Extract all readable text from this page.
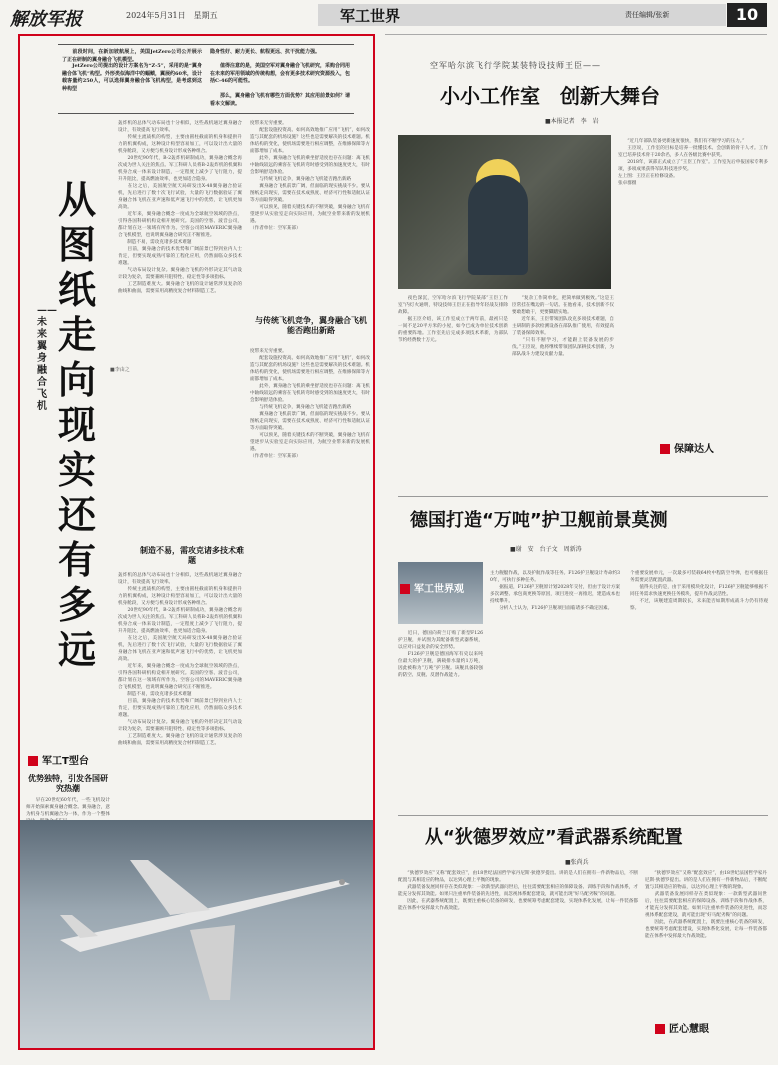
解放军报	2024年5月31日　星期五	军工世界	责任编辑/张新	10
　　前段时间，在新加坡航展上，美国JetZero公司公开展示了正在研制的翼身融合飞机模型。
　　JetZero公司提出的设计方案名为“Z-5”，采用的是“翼身融合体飞机”构型。外形类似海洋中的蝠鲼，翼展约60米，设计载客量约250人，可以选择翼身融合体飞机构型，是考虑到这种构型
隐身性好、耐力更长、航程更远、抗干扰能力强。
　　值得注意的是，美国空军对翼身融合飞机研究，采购合同用在未来的军用领域的传统构想，会有更多技术研究资源投入，包括C-46的可能性。
　　那么，翼身融合飞机有哪些方面优势？其应用前景如何？请看本文解读。
从图纸走向现实还有多远
——未来翼身融合飞机
■李由之
军工T型台
优势独特，引发各国研究热潮
　　早在20世纪60年代，一些飞机设计师开始探索翼身融合概念。翼身融合，意为机身与机翼融合为一体，作为一个整体

轰炸机的总体气动布局也十分相似，这些战机通过翼身融合设计，有效提高飞行效率。
　　传统主流战机的构型，主要由圆柱截面的机身和提供升力的机翼构成，这种设计构型容易加工，可以设计出大量的机身舱段，又方便与机身设计形成各种组合。
　　20世纪90年代，B-2轰炸机研制成功，翼身融合概念再次成为世人关注的焦点。军工科研人员将B-2轰炸机的机翼和机身合成一体来设计制造，一定程度上减少了飞行阻力，提升升阻比，提高燃油效率，也更加适合隐身。
　　在这之后，美国航空航天局研发出X-48翼身融合验证机，先后进行了数十次飞行试验，大量的飞行数据验证了翼身融合体飞机在亚声速和低声速飞行中的优势，让飞机更加高效。
　　近年来，翼身融合概念一度成为全球航空领域的热点，引得各国科研机构竞相开展研究。美国的空客、波音公司，都计划在这一领域有所作为。空客公司的MAVERIC翼身融合飞机模型，也说明翼身融合研究正不断推进。
　　制造不易，需攻克诸多技术难题
　　目前，翼身融合的技术优势和广阔前景已得到业内人士肯定，但要实现成熟可靠的工程化应用，仍然面临众多技术难题。
　　气动布局设计复杂。翼身融合飞机的外形决定其气动设计较为复杂，需要兼顾升阻特性、稳定性等多项指标。
　　工艺制造难度大。翼身融合飞机的设计通常涉及复杂的曲线和曲面，需要采用高精度复合材料制造工艺。
制造不易，需攻克诸多技术难题
轰炸机的总体气动布局也十分相似，这些战机通过翼身融合设计，有效提高飞行效率。
　　传统主流战机的构型，主要由圆柱截面的机身和提供升力的机翼构成，这种设计构型容易加工，可以设计出大量的机身舱段，又方便与机身设计形成各种组合。
　　20世纪90年代，B-2轰炸机研制成功，翼身融合概念再次成为世人关注的焦点。军工科研人员将B-2轰炸机的机翼和机身合成一体来设计制造，一定程度上减少了飞行阻力，提升升阻比，提高燃油效率，也更加适合隐身。
　　在这之后，美国航空航天局研发出X-48翼身融合验证机，先后进行了数十次飞行试验，大量的飞行数据验证了翼身融合体飞机在亚声速和低声速飞行中的优势，让飞机更加高效。
　　近年来，翼身融合概念一度成为全球航空领域的热点，引得各国科研机构竞相开展研究。美国的空客、波音公司，都计划在这一领域有所作为。空客公司的MAVERIC翼身融合飞机模型，也说明翼身融合研究正不断推进。
　　制造不易，需攻克诸多技术难题
　　目前，翼身融合的技术优势和广阔前景已得到业内人士肯定，但要实现成熟可靠的工程化应用，仍然面临众多技术难题。
　　气动布局设计复杂。翼身融合飞机的外形决定其气动设计较为复杂，需要兼顾升阻特性、稳定性等多项指标。
　　工艺制造难度大。翼身融合飞机的设计通常涉及复杂的曲线和曲面，需要采用高精度复合材料制造工艺。
度带来无穷重要。
　　配套设施投资高。如何高效地推广应用“飞机”，如何改造与其配套的机场设施？这些也是需要解决的技术难题。机体结构的变化，使机场需要进行相应调整，在维修保障等方面都增加了成本。
　　此外，翼身融合飞机的乘坐舒适度也存在问题：离飞机中轴线较远的乘客在飞机转弯时感受到的加速度更大，有时会影响舒适体验。
　　与传统飞机竞争，翼身融合飞机能否跑出新路
　　翼身融合飞机前景广阔，但面临的现实挑战不少。要从图纸走向现实，需要在技术成熟度、经济可行性和适航认证等方面取得突破。
　　可以预见，随着关键技术的不断突破，翼身融合飞机有望逐步从实验室走向实际应用，为航空业带来新的发展机遇。
（作者单位：空军某部）
与传统飞机竞争，翼身融合飞机能否跑出新路
度带来无穷重要。
　　配套设施投资高。如何高效地推广应用“飞机”，如何改造与其配套的机场设施？这些也是需要解决的技术难题。机体结构的变化，使机场需要进行相应调整，在维修保障等方面都增加了成本。
　　此外，翼身融合飞机的乘坐舒适度也存在问题：离飞机中轴线较远的乘客在飞机转弯时感受到的加速度更大，有时会影响舒适体验。
　　与传统飞机竞争，翼身融合飞机能否跑出新路
　　翼身融合飞机前景广阔，但面临的现实挑战不少。要从图纸走向现实，需要在技术成熟度、经济可行性和适航认证等方面取得突破。
　　可以预见，随着关键技术的不断突破，翼身融合飞机有望逐步从实验室走向实际应用，为航空业带来新的发展机遇。
（作者单位：空军某部）
空军哈尔滨飞行学院某装特设技师王臣——
小小工作室　创新大舞台
■本报记者　李　岩
　　“近几年部队装备更新速度很快，我们有不断学习的压力。”
　　王臣说，工作室的目标是培养一批懂技术、会创新的骨干人才。工作室已培养技术骨干20余名，多人在各级比赛中获奖。
　　2018年，该部正式成立了“王臣工作室”。工作室先后申报国家专利多项，多项成果获得军队科技进步奖。
左上图：王臣正在检修设备。
张卓群摄
　　夜色深沉，空军哈尔滨飞行学院某部“王臣工作室”内灯火通明，特设技师王臣正在指导年轻战友排除故障。
　　据王臣介绍，该工作室成立于两年前，最初只是一间不足20平方米的小屋，如今已成为单位技术创新的重要阵地。工作室先后完成多项技术革新，为部队节约经费数十万元。
　　“复杂工作简单化，把简单做到极致。”这是王臣常挂在嘴边的一句话。在他看来，技术创新不仅要敢想敢干，更要脚踏实地。
　　近年来，王臣带领团队攻克多项技术难题，自主研制的多款检测设备在部队推广使用，有效提高了装备保障效率。
　　“只有不断学习，才能跟上装备发展的步伐。”王臣说，他将继续带领团队深耕技术创新，为部队战斗力建设贡献力量。
保障达人
德国打造“万吨”护卫舰前景莫测
■谢　安　台子文　周新涛
军工世界观
　　近日，德国向荷兰订购了新型F126护卫舰，并试图为其配备新型武器系统，以应对日益复杂的安全形势。
　　F126护卫舰是德国海军有史以来吨位最大的护卫舰，满载排水量约1万吨，因此被称为“万吨”护卫舰。该舰具备较强的防空、反舰、反潜作战能力。
主力舰艇作战，以及护航作战等任务。F126护卫舰设计寿命约30年，可执行多种任务。
　　据报道，F126护卫舰原计划2028年交付，但由于设计方案多次调整、承包商更换等原因，项目进度一再推迟，建造成本也持续攀升。
　　分析人士认为，F126护卫舰项目面临诸多不确定因素。
个重要发展单元，一次最多可装载64枚中程防空导弹，也可根据任务需要灵活配置武器。
　　值得关注的是，由于采用模块化设计，F126护卫舰能够根据不同任务需求快速更换任务模块，提升作战灵活性。
　　不过，该舰建造周期较长，未来能否如期形成战斗力仍有待观察。
从“狄德罗效应”看武器系统配置
■张尚兵
　　“狄德罗效应”又称“配套效应”，由18世纪法国哲学家丹尼斯·狄德罗提出。讲的是人们在拥有一件新物品后，不断配置与其相适应的物品，以达到心理上平衡的现象。
　　武器装备发展同样存在类似现象：一款新型武器问世后，往往需要配套相应的保障设备、训练手段和作战体系，才能充分发挥其效能。如果只注重单件装备的先进性，而忽视体系配套建设，就可能出现“好马配劣鞍”的问题。
　　因此，在武器系统配置上，既要注重核心装备的研发，也要统筹考虑配套建设，实现体系化发展，让每一件装备都能在体系中发挥最大作战效能。
　　“狄德罗效应”又称“配套效应”，由18世纪法国哲学家丹尼斯·狄德罗提出。讲的是人们在拥有一件新物品后，不断配置与其相适应的物品，以达到心理上平衡的现象。
　　武器装备发展同样存在类似现象：一款新型武器问世后，往往需要配套相应的保障设备、训练手段和作战体系，才能充分发挥其效能。如果只注重单件装备的先进性，而忽视体系配套建设，就可能出现“好马配劣鞍”的问题。
　　因此，在武器系统配置上，既要注重核心装备的研发，也要统筹考虑配套建设，实现体系化发展，让每一件装备都能在体系中发挥最大作战效能。
匠心慧眼
